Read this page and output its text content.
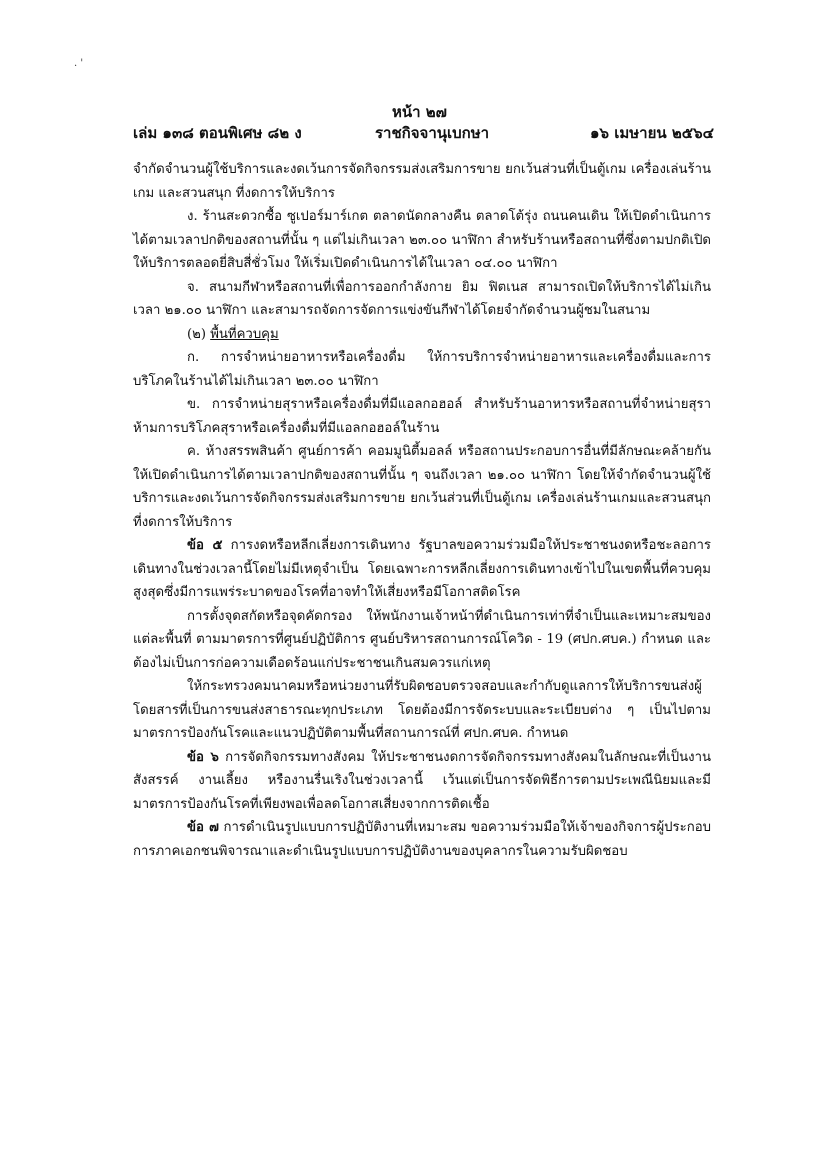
. '
หน้า ๒๗
เล่ม ๑๓๘ ตอนพิเศษ ๘๒ ง	ราชกิจจานุเบกษา	๑๖ เมษายน ๒๕๖๔

จำกัดจำนวนผู้ใช้บริการและงดเว้นการจัดกิจกรรมส่งเสริมการขาย ยกเว้นส่วนที่เป็นตู้เกม เครื่องเล่นร้านเกม และสวนสนุก ที่งดการให้บริการ

ง. ร้านสะดวกซื้อ ซูเปอร์มาร์เกต ตลาดนัดกลางคืน ตลาดโต้รุ่ง ถนนคนเดิน ให้เปิดดำเนินการได้ตามเวลาปกติของสถานที่นั้น ๆ แต่ไม่เกินเวลา ๒๓.๐๐ นาฬิกา สำหรับร้านหรือสถานที่ซึ่งตามปกติเปิดให้บริการตลอดยี่สิบสี่ชั่วโมง ให้เริ่มเปิดดำเนินการได้ในเวลา ๐๔.๐๐ นาฬิกา

จ. สนามกีฬาหรือสถานที่เพื่อการออกกำลังกาย ยิม ฟิตเนส สามารถเปิดให้บริการได้ไม่เกินเวลา ๒๑.๐๐ นาฬิกา และสามารถจัดการจัดการแข่งขันกีฬาได้โดยจำกัดจำนวนผู้ชมในสนาม

(๒) พื้นที่ควบคุม

ก. การจำหน่ายอาหารหรือเครื่องดื่ม ให้การบริการจำหน่ายอาหารและเครื่องดื่มและการบริโภคในร้านได้ไม่เกินเวลา ๒๓.๐๐ นาฬิกา

ข. การจำหน่ายสุราหรือเครื่องดื่มที่มีแอลกอฮอล์ สำหรับร้านอาหารหรือสถานที่จำหน่ายสุราห้ามการบริโภคสุราหรือเครื่องดื่มที่มีแอลกอฮอล์ในร้าน

ค. ห้างสรรพสินค้า ศูนย์การค้า คอมมูนิตี้มอลล์ หรือสถานประกอบการอื่นที่มีลักษณะคล้ายกัน ให้เปิดดำเนินการได้ตามเวลาปกติของสถานที่นั้น ๆ จนถึงเวลา ๒๑.๐๐ นาฬิกา โดยให้จำกัดจำนวนผู้ใช้บริการและงดเว้นการจัดกิจกรรมส่งเสริมการขาย ยกเว้นส่วนที่เป็นตู้เกม เครื่องเล่นร้านเกมและสวนสนุก ที่งดการให้บริการ

ข้อ ๕ การงดหรือหลีกเลี่ยงการเดินทาง รัฐบาลขอความร่วมมือให้ประชาชนงดหรือชะลอการเดินทางในช่วงเวลานี้โดยไม่มีเหตุจำเป็น โดยเฉพาะการหลีกเลี่ยงการเดินทางเข้าไปในเขตพื้นที่ควบคุมสูงสุดซึ่งมีการแพร่ระบาดของโรคที่อาจทำให้เสี่ยงหรือมีโอกาสติดโรค

การตั้งจุดสกัดหรือจุดคัดกรอง ให้พนักงานเจ้าหน้าที่ดำเนินการเท่าที่จำเป็นและเหมาะสมของแต่ละพื้นที่ ตามมาตรการที่ศูนย์ปฏิบัติการ ศูนย์บริหารสถานการณ์โควิด - 19 (ศปก.ศบค.) กำหนด และต้องไม่เป็นการก่อความเดือดร้อนแก่ประชาชนเกินสมควรแก่เหตุ

ให้กระทรวงคมนาคมหรือหน่วยงานที่รับผิดชอบตรวจสอบและกำกับดูแลการให้บริการขนส่งผู้โดยสารที่เป็นการขนส่งสาธารณะทุกประเภท โดยต้องมีการจัดระบบและระเบียบต่าง ๆ เป็นไปตามมาตรการป้องกันโรคและแนวปฏิบัติตามพื้นที่สถานการณ์ที่ ศปก.ศบค. กำหนด

ข้อ ๖ การจัดกิจกรรมทางสังคม ให้ประชาชนงดการจัดกิจกรรมทางสังคมในลักษณะที่เป็นงานสังสรรค์ งานเลี้ยง หรืองานรื่นเริงในช่วงเวลานี้ เว้นแต่เป็นการจัดพิธีการตามประเพณีนิยมและมีมาตรการป้องกันโรคที่เพียงพอเพื่อลดโอกาสเสี่ยงจากการติดเชื้อ

ข้อ ๗ การดำเนินรูปแบบการปฏิบัติงานที่เหมาะสม ขอความร่วมมือให้เจ้าของกิจการผู้ประกอบการภาคเอกชนพิจารณาและดำเนินรูปแบบการปฏิบัติงานของบุคลากรในความรับผิดชอบ
